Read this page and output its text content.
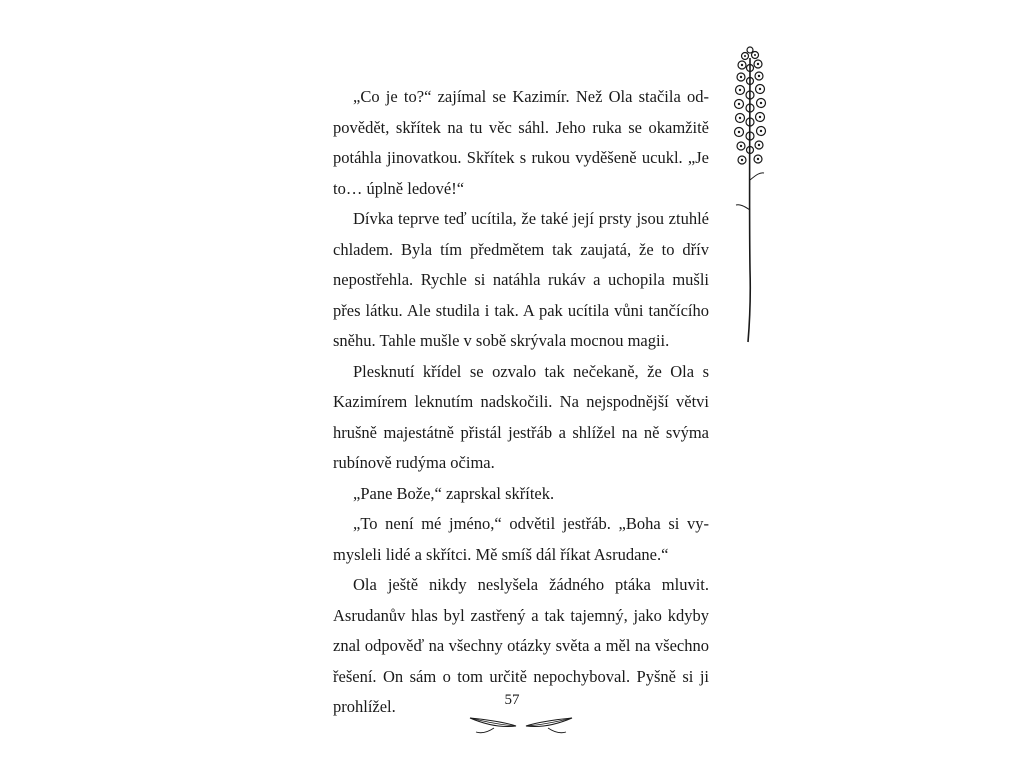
„Co je to?“ zajímal se Kazimír. Než Ola stačila odpovědět, skřítek na tu věc sáhl. Jeho ruka se okamžitě potáhla jinovatkou. Skřítek s rukou vyděšeně ucukl. „Je to… úplně ledové!“

Dívka teprve teď ucítila, že také její prsty jsou ztuhlé chladem. Byla tím předmětem tak zaujatá, že to dřív nepostřehla. Rychle si natáhla rukáv a uchopila mušli přes látku. Ale studila i tak. A pak ucítila vůni tančícího sněhu. Tahle mušle v sobě skrývala mocnou magii.

Plesknutí křídel se ozvalo tak nečekaně, že Ola s Kazimírem leknutím nadskočili. Na nejspodnější větvi hrušně majestátně přistál jestřáb a shlížel na ně svýma rubínově rudýma očima.

„Pane Bože,“ zaprskal skřítek.

„To není mé jméno,“ odvětil jestřáb. „Boha si vymysleli lidé a skřítci. Mě smíš dál říkat Asrudane.“

Ola ještě nikdy neslyšela žádného ptáka mluvit. Asrudanův hlas byl zastřený a tak tajemný, jako kdyby znal odpověď na všechny otázky světa a měl na všechno řešení. On sám o tom určitě nepochyboval. Pyšně si ji prohlížel.	57
